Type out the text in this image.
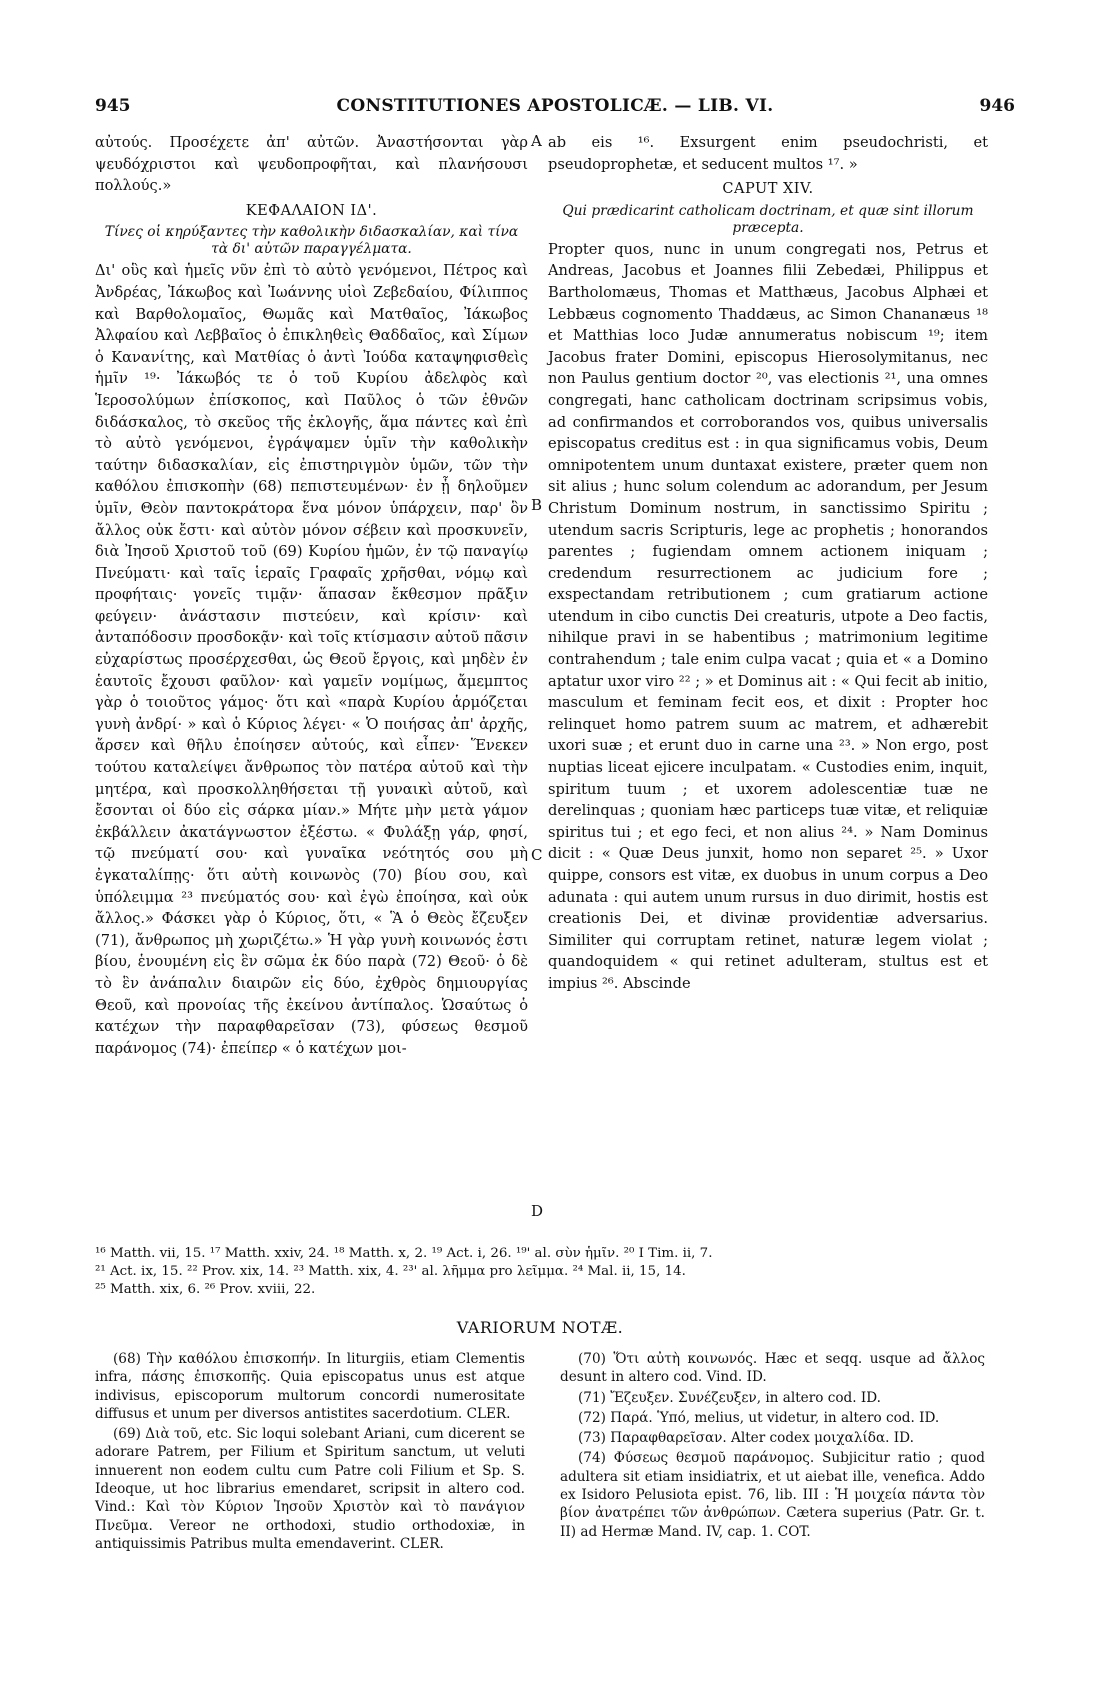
945	CONSTITUTIONES APOSTOLICÆ. — LIB. VI.	946

αὐτούς. Προσέχετε ἀπ' αὐτῶν. Ἀναστήσονται γὰρ ψευδόχριστοι καὶ ψευδοπροφῆται, καὶ πλανήσουσι πολλούς.»

ΚΕΦΑΛΑΙΟΝ ΙΔ'.
Τίνες οἱ κηρύξαντες τὴν καθολικὴν διδασκαλίαν, καὶ τίνα τὰ δι' αὐτῶν παραγγέλματα.

Δι' οὓς καὶ ἡμεῖς νῦν ἐπὶ τὸ αὐτὸ γενόμενοι, Πέτρος καὶ Ἀνδρέας, Ἰάκωβος καὶ Ἰωάννης υἱοὶ Ζεβεδαίου, Φίλιππος καὶ Βαρθολομαῖος, Θωμᾶς καὶ Ματθαῖος, Ἰάκωβος Ἀλφαίου καὶ Λεββαῖος ὁ ἐπικληθεὶς Θαδδαῖος, καὶ Σίμων ὁ Κανανίτης, καὶ Ματθίας ὁ ἀντὶ Ἰούδα καταψηφισθεὶς ἡμῖν ¹⁹· Ἰάκωβός τε ὁ τοῦ Κυρίου ἀδελφὸς καὶ Ἱεροσολύμων ἐπίσκοπος, καὶ Παῦλος ὁ τῶν ἐθνῶν διδάσκαλος, τὸ σκεῦος τῆς ἐκλογῆς, ἅμα πάντες καὶ ἐπὶ τὸ αὐτὸ γενόμενοι, ἐγράψαμεν ὑμῖν τὴν καθολικὴν ταύτην διδασκαλίαν, εἰς ἐπιστηριγμὸν ὑμῶν, τῶν τὴν καθόλου ἐπισκοπὴν (68) πεπιστευμένων· ἐν ᾗ δηλοῦμεν ὑμῖν, Θεὸν παντοκράτορα ἕνα μόνον ὑπάρχειν, παρ' ὃν ἄλλος οὐκ ἔστι· καὶ αὐτὸν μόνον σέβειν καὶ προσκυνεῖν, διὰ Ἰησοῦ Χριστοῦ τοῦ (69) Κυρίου ἡμῶν, ἐν τῷ παναγίῳ Πνεύματι· καὶ ταῖς ἱεραῖς Γραφαῖς χρῆσθαι, νόμῳ καὶ προφήταις· γονεῖς τιμᾷν· ἅπασαν ἔκθεσμον πρᾶξιν φεύγειν· ἀνάστασιν πιστεύειν, καὶ κρίσιν· καὶ ἀνταπόδοσιν προσδοκᾷν· καὶ τοῖς κτίσμασιν αὐτοῦ πᾶσιν εὐχαρίστως προσέρχεσθαι, ὡς Θεοῦ ἔργοις, καὶ μηδὲν ἐν ἑαυτοῖς ἔχουσι φαῦλον· καὶ γαμεῖν νομίμως, ἄμεμπτος γὰρ ὁ τοιοῦτος γάμος· ὅτι καὶ «παρὰ Κυρίου ἁρμόζεται γυνὴ ἀνδρί· » καὶ ὁ Κύριος λέγει· « Ὁ ποιήσας ἀπ' ἀρχῆς, ἄρσεν καὶ θῆλυ ἐποίησεν αὐτούς, καὶ εἶπεν· Ἕνεκεν τούτου καταλείψει ἄνθρωπος τὸν πατέρα αὐτοῦ καὶ τὴν μητέρα, καὶ προσκολληθήσεται τῇ γυναικὶ αὐτοῦ, καὶ ἔσονται οἱ δύο εἰς σάρκα μίαν.» Μήτε μὴν μετὰ γάμον ἐκβάλλειν ἀκατάγνωστον ἐξέστω. « Φυλάξῃ γάρ, φησί, τῷ πνεύματί σου· καὶ γυναῖκα νεότητός σου μὴ ἐγκαταλίπῃς· ὅτι αὐτὴ κοινωνὸς (70) βίου σου, καὶ ὑπόλειμμα ²³ πνεύματός σου· καὶ ἐγὼ ἐποίησα, καὶ οὐκ ἄλλος.» Φάσκει γὰρ ὁ Κύριος, ὅτι, « Ἃ ὁ Θεὸς ἔζευξεν (71), ἄνθρωπος μὴ χωριζέτω.» Ἡ γὰρ γυνὴ κοινωνός ἐστι βίου, ἑνουμένη εἰς ἓν σῶμα ἐκ δύο παρὰ (72) Θεοῦ· ὁ δὲ τὸ ἓν ἀνάπαλιν διαιρῶν εἰς δύο, ἐχθρὸς δημιουργίας Θεοῦ, καὶ προνοίας τῆς ἐκείνου ἀντίπαλος. Ὡσαύτως ὁ κατέχων τὴν παραφθαρεῖσαν (73), φύσεως θεσμοῦ παράνομος (74)· ἐπείπερ « ὁ κατέχων μοι-

A
B
C
D

ab eis ¹⁶. Exsurgent enim pseudochristi, et pseudoprophetæ, et seducent multos ¹⁷. »

CAPUT XIV.
Qui prædicarint catholicam doctrinam, et quæ sint illorum præcepta.

Propter quos, nunc in unum congregati nos, Petrus et Andreas, Jacobus et Joannes filii Zebedæi, Philippus et Bartholomæus, Thomas et Matthæus, Jacobus Alphæi et Lebbæus cognomento Thaddæus, ac Simon Chananæus ¹⁸ et Matthias loco Judæ annumeratus nobiscum ¹⁹; item Jacobus frater Domini, episcopus Hierosolymitanus, nec non Paulus gentium doctor ²⁰, vas electionis ²¹, una omnes congregati, hanc catholicam doctrinam scripsimus vobis, ad confirmandos et corroborandos vos, quibus universalis episcopatus creditus est : in qua significamus vobis, Deum omnipotentem unum duntaxat existere, præter quem non sit alius ; hunc solum colendum ac adorandum, per Jesum Christum Dominum nostrum, in sanctissimo Spiritu ; utendum sacris Scripturis, lege ac prophetis ; honorandos parentes ; fugiendam omnem actionem iniquam ; credendum resurrectionem ac judicium fore ; exspectandam retributionem ; cum gratiarum actione utendum in cibo cunctis Dei creaturis, utpote a Deo factis, nihilque pravi in se habentibus ; matrimonium legitime contrahendum ; tale enim culpa vacat ; quia et « a Domino aptatur uxor viro ²² ; » et Dominus ait : « Qui fecit ab initio, masculum et feminam fecit eos, et dixit : Propter hoc relinquet homo patrem suum ac matrem, et adhærebit uxori suæ ; et erunt duo in carne una ²³. » Non ergo, post nuptias liceat ejicere inculpatam. « Custodies enim, inquit, spiritum tuum ; et uxorem adolescentiæ tuæ ne derelinquas ; quoniam hæc particeps tuæ vitæ, et reliquiæ spiritus tui ; et ego feci, et non alius ²⁴. » Nam Dominus dicit : « Quæ Deus junxit, homo non separet ²⁵. » Uxor quippe, consors est vitæ, ex duobus in unum corpus a Deo adunata : qui autem unum rursus in duo dirimit, hostis est creationis Dei, et divinæ providentiæ adversarius. Similiter qui corruptam retinet, naturæ legem violat ; quandoquidem « qui retinet adulteram, stultus est et impius ²⁶. Abscinde

¹⁶ Matth. vii, 15. ¹⁷ Matth. xxiv, 24. ¹⁸ Matth. x, 2. ¹⁹ Act. i, 26. ¹⁹' al. σὺν ἡμῖν. ²⁰ I Tim. ii, 7.
²¹ Act. ix, 15. ²² Prov. xix, 14. ²³ Matth. xix, 4. ²³' al. λῆμμα pro λεῖμμα. ²⁴ Mal. ii, 15, 14.
²⁵ Matth. xix, 6. ²⁶ Prov. xviii, 22.
VARIORUM NOTÆ.

(68) Τὴν καθόλου ἐπισκοπήν. In liturgiis, etiam Clementis infra, πάσης ἐπισκοπῆς. Quia episcopatus unus est atque indivisus, episcoporum multorum concordi numerositate diffusus et unum per diversos antistites sacerdotium. CLER.

(69) Διὰ τοῦ, etc. Sic loqui solebant Ariani, cum dicerent se adorare Patrem, per Filium et Spiritum sanctum, ut veluti innuerent non eodem cultu cum Patre coli Filium et Sp. S. Ideoque, ut hoc librarius emendaret, scripsit in altero cod. Vind.: Καὶ τὸν Κύριον Ἰησοῦν Χριστὸν καὶ τὸ πανάγιον Πνεῦμα. Vereor ne orthodoxi, studio orthodoxiæ, in antiquissimis Patribus multa emendaverint. CLER.

(70) Ὅτι αὐτὴ κοινωνός. Hæc et seqq. usque ad ἄλλος desunt in altero cod. Vind. ID.

(71) Ἔζευξεν. Συνέζευξεν, in altero cod. ID.

(72) Παρά. Ὑπό, melius, ut videtur, in altero cod. ID.

(73) Παραφθαρεῖσαν. Alter codex μοιχαλίδα. ID.

(74) Φύσεως θεσμοῦ παράνομος. Subjicitur ratio ; quod adultera sit etiam insidiatrix, et ut aiebat ille, venefica. Addo ex Isidoro Pelusiota epist. 76, lib. III : Ἡ μοιχεία πάντα τὸν βίον ἀνατρέπει τῶν ἀνθρώπων. Cætera superius (Patr. Gr. t. II) ad Hermæ Mand. IV, cap. 1. COT.
